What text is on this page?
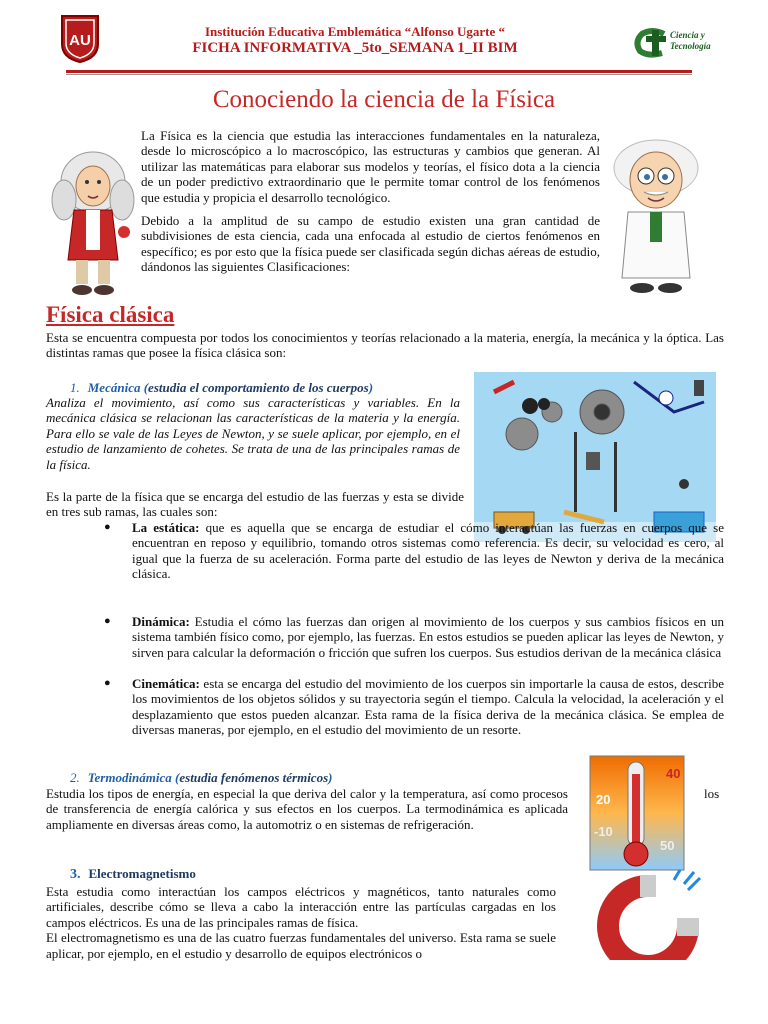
AU
Institución Educativa Emblemática “Alfonso Ugarte “
FICHA INFORMATIVA _5to_SEMANA 1_II BIM
Ciencia y
Tecnología
Conociendo la ciencia de la Física

La Física es la ciencia que estudia las interacciones fundamentales en la naturaleza, desde lo microscópico a lo macroscópico, las estructuras y cambios que generan. Al utilizar las matemáticas para elaborar sus modelos y teorías, el físico dota a la ciencia de un poder predictivo extraordinario que le permite tomar control de los fenómenos que estudia y propicia el desarrollo tecnológico.

Debido a la amplitud de su campo de estudio existen una gran cantidad de subdivisiones de esta ciencia, cada una enfocada al estudio de ciertos fenómenos en específico; es por esto que la física puede ser clasificada según dichas aéreas de estudio, dándonos las siguientes Clasificaciones:

Física clásica
Esta se encuentra compuesta por todos los conocimientos y teorías relacionado a la materia, energía, la mecánica y la óptica. Las distintas ramas que posee la física clásica son:
1. Mecánica (estudia el comportamiento de los cuerpos)
Analiza el movimiento, así como sus características y variables. En la mecánica clásica se relacionan las características de la materia y la energía. Para ello se vale de las Leyes de Newton, y se suele aplicar, por ejemplo, en el estudio de lanzamiento de cohetes. Se trata de una de las principales ramas de la física.
Es la parte de la física que se encarga del estudio de las fuerzas y esta se divide en tres sub ramas, las cuales son:
● La estática: que es aquella que se encarga de estudiar el cómo interactúan las fuerzas en cuerpos que se encuentran en reposo y equilibrio, tomando otros sistemas como referencia. Es decir, su velocidad es cero, al igual que la fuerza de su aceleración. Forma parte del estudio de las leyes de Newton y deriva de la mecánica clásica.
● Dinámica: Estudia el cómo las fuerzas dan origen al movimiento de los cuerpos y sus cambios físicos en un sistema también físico como, por ejemplo, las fuerzas. En estos estudios se pueden aplicar las leyes de Newton, y sirven para calcular la deformación o fricción que sufren los cuerpos. Sus estudios derivan de la mecánica clásica
● Cinemática: esta se encarga del estudio del movimiento de los cuerpos sin importarle la causa de estos, describe los movimientos de los objetos sólidos y su trayectoria según el tiempo. Calcula la velocidad, la aceleración y el desplazamiento que estos pueden alcanzar. Esta rama de la física deriva de la mecánica clásica. Se emplea de diversas maneras, por ejemplo, en el estudio del movimiento de un resorte.
2. Termodinámica (estudia fenómenos térmicos)
Estudia los tipos de energía, en especial la que deriva del calor y la temperatura, así como procesos de transferencia de energía calórica y sus efectos en los cuerpos. La termodinámica es aplicada ampliamente en diversas áreas como, la automotriz o en sistemas de refrigeración.
los
40
20
-10
50
3. Electromagnetismo

Esta estudia como interactúan los campos eléctricos y magnéticos, tanto naturales como artificiales, describe cómo se lleva a cabo la interacción entre las partículas cargadas en los campos eléctricos. Es una de las principales ramas de física.

El electromagnetismo es una de las cuatro fuerzas fundamentales del universo. Esta rama se suele aplicar, por ejemplo, en el estudio y desarrollo de equipos electrónicos o
